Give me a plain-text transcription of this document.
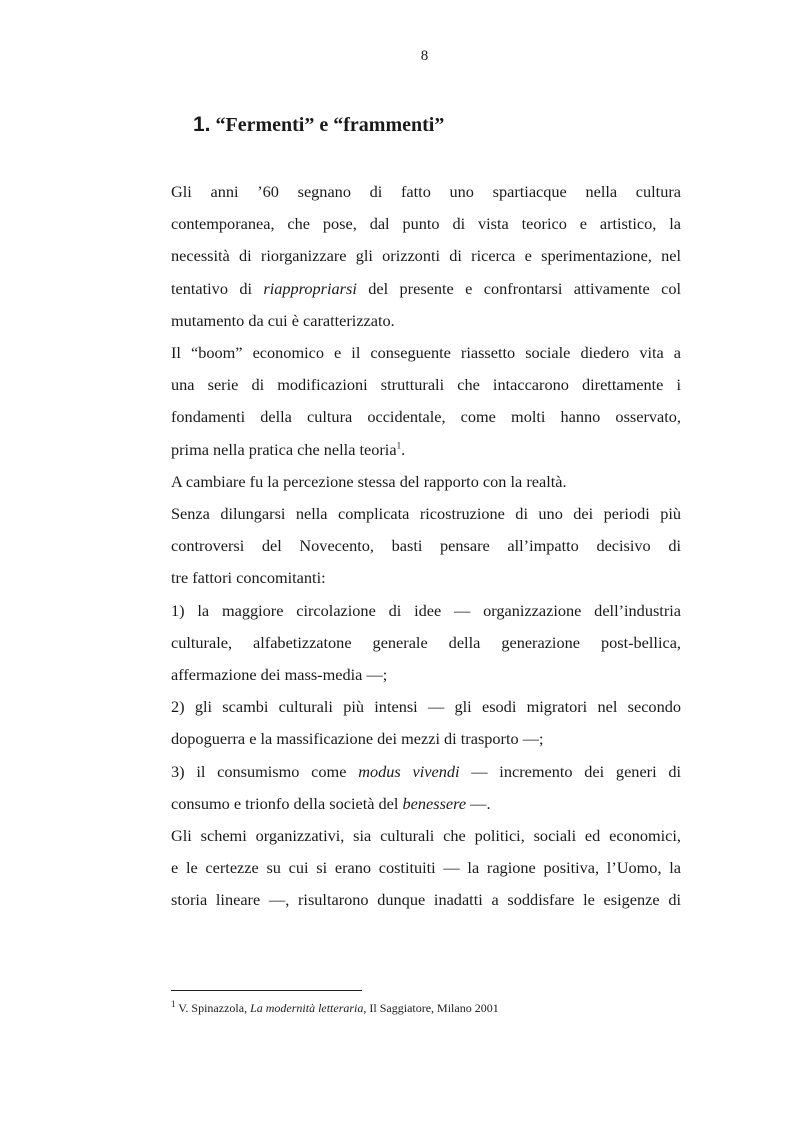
8
1. “Fermenti” e “frammenti”

Gli anni ’60 segnano di fatto uno spartiacque nella cultura
contemporanea, che pose, dal punto di vista teorico e artistico, la
necessità di riorganizzare gli orizzonti di ricerca e sperimentazione, nel
tentativo di riappropriarsi del presente e confrontarsi attivamente col
mutamento da cui è caratterizzato.

Il “boom” economico e il conseguente riassetto sociale diedero vita a
una serie di modificazioni strutturali che intaccarono direttamente i
fondamenti della cultura occidentale, come molti hanno osservato,
prima nella pratica che nella teoria$^1$.

A cambiare fu la percezione stessa del rapporto con la realtà.

Senza dilungarsi nella complicata ricostruzione di uno dei periodi più
controversi del Novecento, basti pensare all’impatto decisivo di
tre fattori concomitanti:

1) la maggiore circolazione di idee — organizzazione dell’industria
culturale, alfabetizzatone generale della generazione post-bellica,
affermazione dei mass-media —;

2) gli scambi culturali più intensi — gli esodi migratori nel secondo
dopoguerra e la massificazione dei mezzi di trasporto —;

3) il consumismo come modus vivendi — incremento dei generi di
consumo e trionfo della società del benessere —.

Gli schemi organizzativi, sia culturali che politici, sociali ed economici,
e le certezze su cui si erano costituiti — la ragione positiva, l’Uomo, la
storia lineare —, risultarono dunque inadatti a soddisfare le esigenze di

$^1$ V. Spinazzola, La modernità letteraria, Il Saggiatore, Milano 2001
